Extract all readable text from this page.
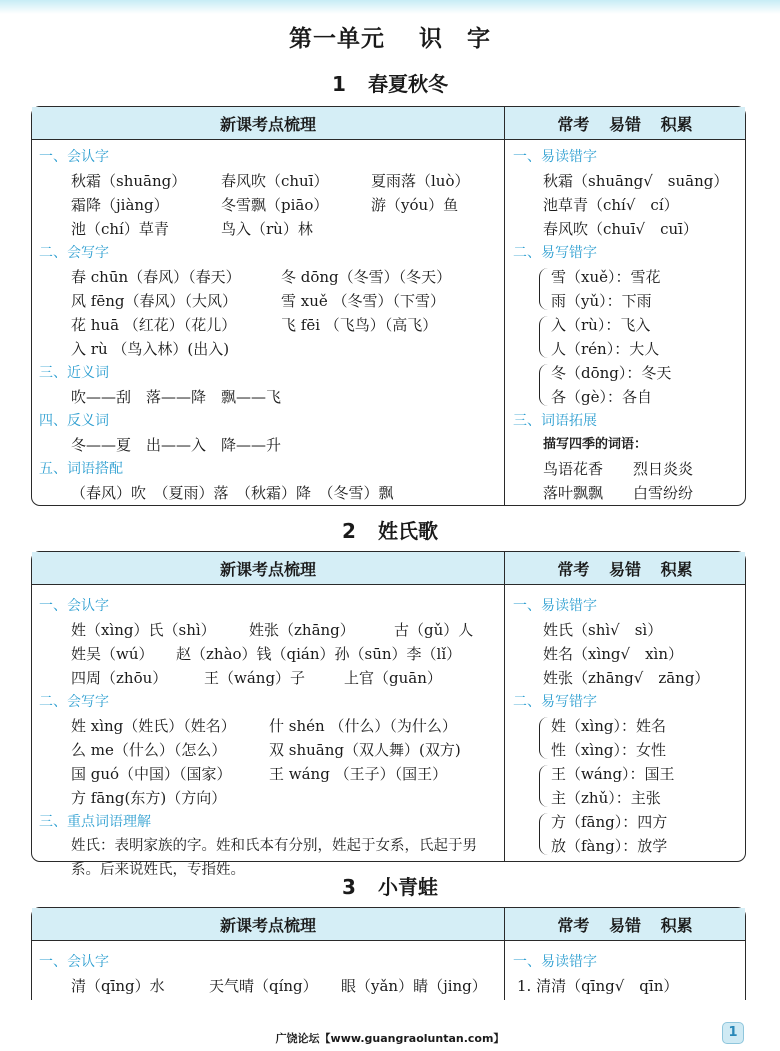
第一单元 识　字
1 春夏秋冬
新课考点梳理	常考 易错 积累
一、会认字
秋霜（shuāng） 春风吹（chuī）	夏雨落（luò）
霜降（jiàng）	冬雪飘（piāo）	游（yóu）鱼
池（chí）草青	鸟入（rù）林
二、会写字
春 chūn（春风）（春天）	冬 dōng（冬雪）（冬天）
风 fēng（春风）（大风）	雪 xuě （冬雪）（下雪）
花 huā （红花）（花儿）	飞 fēi （飞鸟）（高飞）
入 rù （鸟入林）(出入)
三、近义词
吹——刮　落——降　飘——飞
四、反义词
冬——夏　出——入　降——升
五、词语搭配
（春风）吹　（夏雨）落　（秋霜）降　（冬雪）飘
一、易读错字
秋霜（shuāng√　suāng）
池草青（chí√　cí）
春风吹（chuī√　cuī）
二、易写错字
雪（xuě）：雪花
雨（yǔ）：下雨
入（rù）：飞入
人（rén）：大人
冬（dōng）：冬天
各（gè）：各自
三、词语拓展
描写四季的词语：
鸟语花香　　烈日炎炎
落叶飘飘　　白雪纷纷
2 姓氏歌
新课考点梳理	常考 易错 积累
一、会认字
姓（xìng）氏（shì） 姓张（zhāng）	古（gǔ）人
姓吴（wú） 赵（zhào）钱（qián）孙（sūn）李（lǐ）
四周（zhōu） 王（wáng）子	上官（guān）
二、会写字
姓 xìng（姓氏）（姓名） 什 shén （什么）（为什么）
么 me（什么）（怎么）	双 shuāng（双人舞）(双方)
国 guó（中国）（国家） 王 wáng （王子）（国王）
方 fāng(东方)（方向）
三、重点词语理解
姓氏：表明家族的字。姓和氏本有分别，姓起于女系，氏起于男系。后来说姓氏，专指姓。
一、易读错字
姓氏（shì√　sì）
姓名（xìng√　xìn）
姓张（zhāng√　zāng）
二、易写错字
姓（xìng）：姓名
性（xìng）：女性
王（wáng）：国王
主（zhǔ）：主张
方（fāng）：四方
放（fàng）：放学
3 小青蛙
新课考点梳理	常考 易错 积累
一、会认字
清（qīng）水	天气晴（qíng） 眼（yǎn）睛（jing）
一、易读错字
1. 清清（qīng√　qīn）
广饶论坛【www.guangraoluntan.com】	1
